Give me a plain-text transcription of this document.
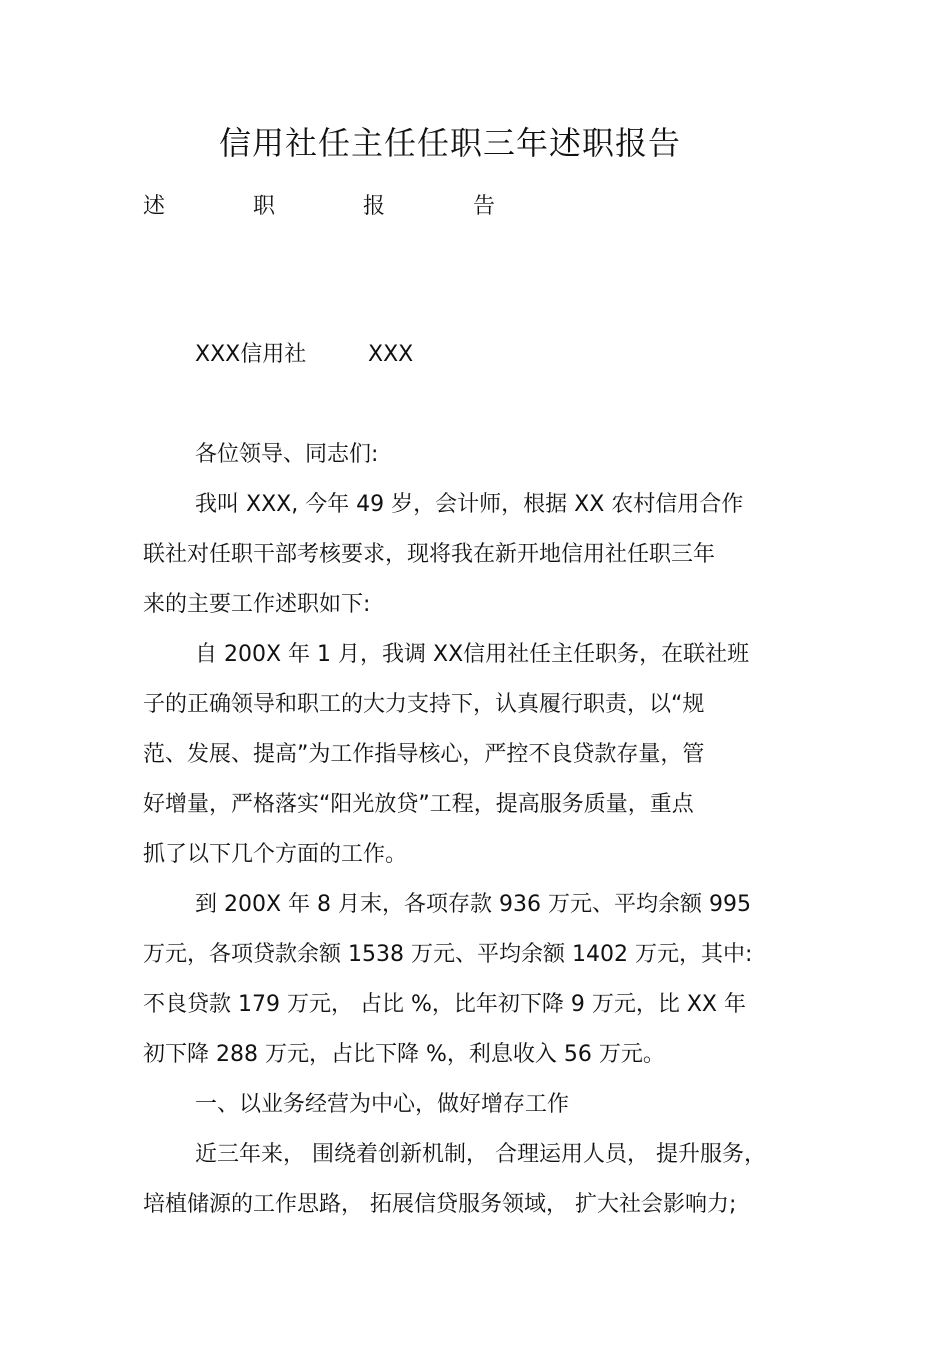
信用社任主任任职三年述职报告
述	职	报	告
XXX信用社	XXX
各位领导、同志们:
我叫 XXX, 今年 49 岁，会计师，根据 XX 农村信用合作
联社对任职干部考核要求，现将我在新开地信用社任职三年
来的主要工作述职如下:
自 200X 年 1 月，我调 XX信用社任主任职务，在联社班
子的正确领导和职工的大力支持下，认真履行职责，以“规
范、发展、提高”为工作指导核心，严控不良贷款存量，管
好增量，严格落实“阳光放贷”工程，提高服务质量，重点
抓了以下几个方面的工作。
到 200X 年 8 月末，各项存款 936 万元、平均余额 995
万元，各项贷款余额 1538 万元、平均余额 1402 万元，其中:
不良贷款 179 万元， 占比 %，比年初下降 9 万元，比 XX 年
初下降 288 万元，占比下降 %，利息收入 56 万元。
一、以业务经营为中心，做好增存工作
近三年来， 围绕着创新机制， 合理运用人员， 提升服务，
培植储源的工作思路， 拓展信贷服务领域， 扩大社会影响力;
